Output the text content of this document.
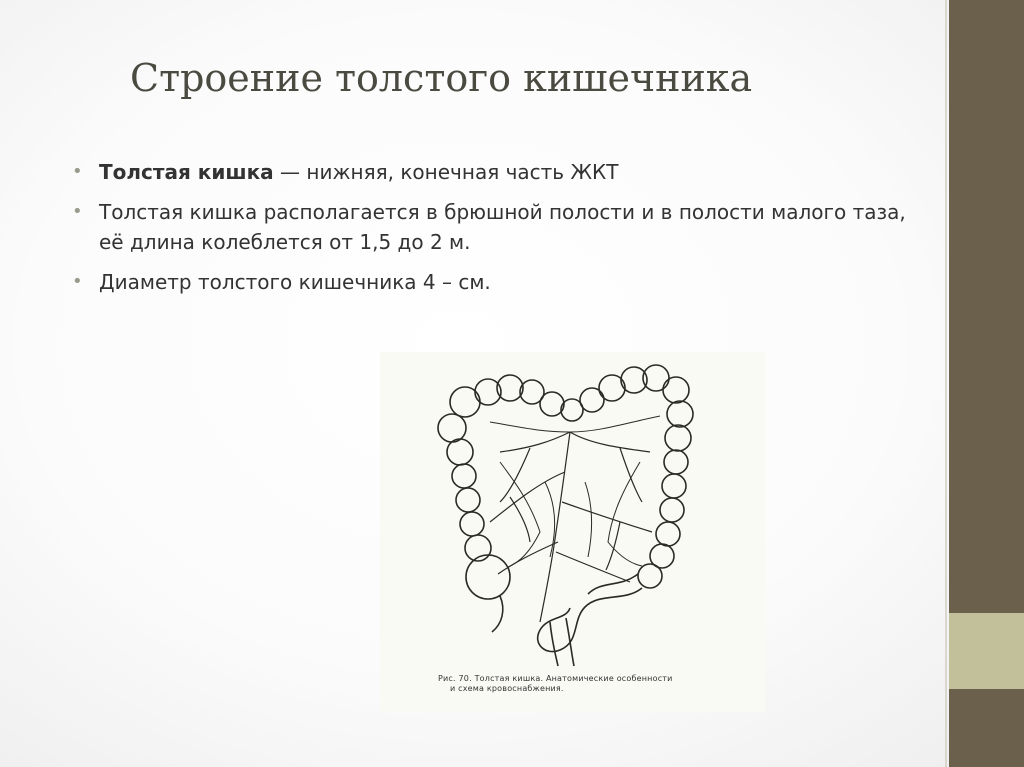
Строение толстого кишечника
• Толстая кишка — нижняя, конечная часть ЖКТ
• Толстая кишка располагается в брюшной полости и в полости малого таза, её длина колеблется от 1,5 до 2 м.
• Диаметр толстого кишечника 4 – см.
Рис. 70. Толстая кишка. Анатомические особенности
и схема кровоснабжения.
